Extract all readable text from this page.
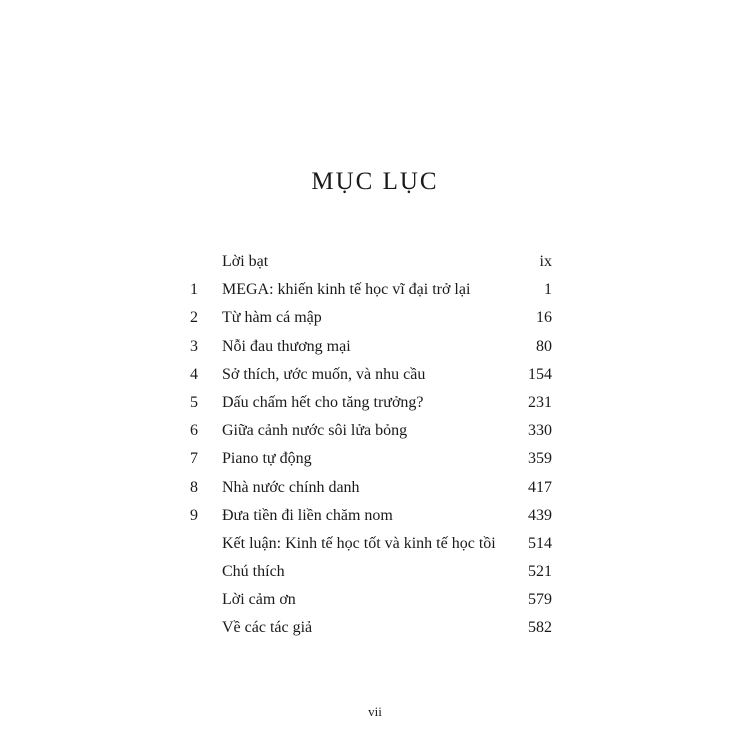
MỤC LỤC
Lời bạt	ix
1	MEGA: khiến kinh tế học vĩ đại trở lại	1
2	Từ hàm cá mập	16
3	Nỗi đau thương mại	80
4	Sở thích, ước muốn, và nhu cầu	154
5	Dấu chấm hết cho tăng trưởng?	231
6	Giữa cảnh nước sôi lửa bỏng	330
7	Piano tự động	359
8	Nhà nước chính danh	417
9	Đưa tiền đi liền chăm nom	439
Kết luận: Kinh tế học tốt và kinh tế học tồi 514
Chú thích	521
Lời cảm ơn	579
Về các tác giả	582
vii
